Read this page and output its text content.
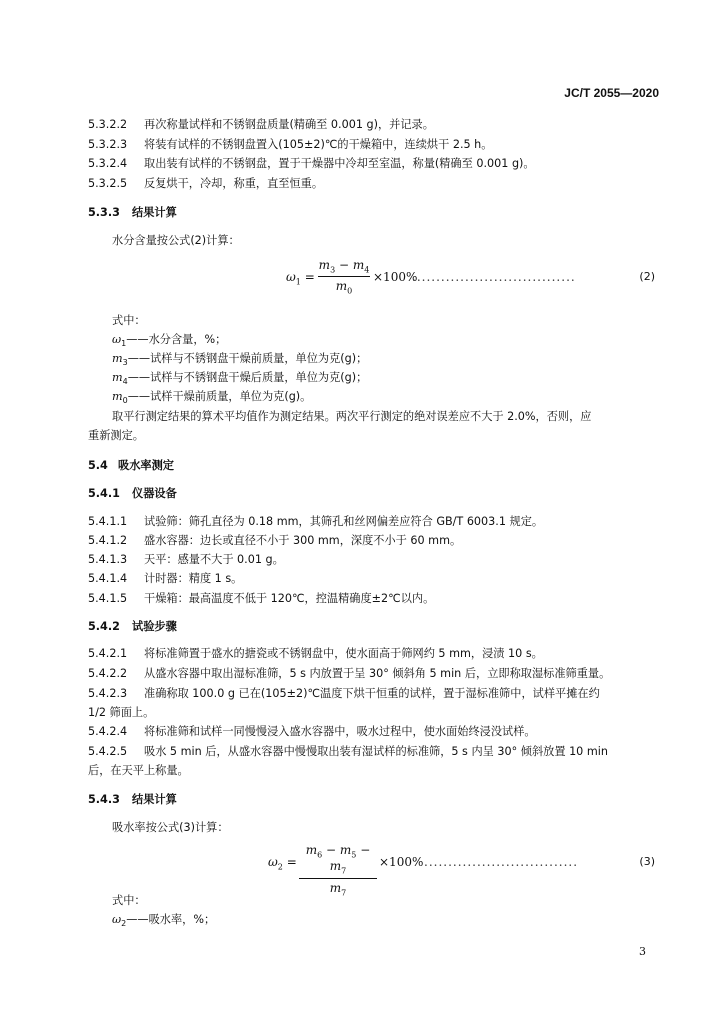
JC/T 2055—2020
5.3.2.2 再次称量试样和不锈钢盘质量(精确至 0.001 g)，并记录。
5.3.2.3 将装有试样的不锈钢盘置入(105±2)℃的干燥箱中，连续烘干 2.5 h。
5.3.2.4 取出装有试样的不锈钢盘，置于干燥器中冷却至室温，称量(精确至 0.001 g)。
5.3.2.5 反复烘干，冷却，称重，直至恒重。
5.3.3 结果计算
水分含量按公式(2)计算：
$\omega_1 = \frac{m_3 - m_4}{m_0} \times 100\%$
..................................	(2)
式中：
$\omega_1——$水分含量，%；
$m_3——$试样与不锈钢盘干燥前质量，单位为克(g)；
$m_4——$试样与不锈钢盘干燥后质量，单位为克(g)；
$m_0——$试样干燥前质量，单位为克(g)。
取平行测定结果的算术平均值作为测定结果。两次平行测定的绝对误差应不大于 2.0%，否则，应
重新测定。
5.4 吸水率测定
5.4.1 仪器设备
5.4.1.1 试验筛：筛孔直径为 0.18 mm，其筛孔和丝网偏差应符合 GB/T 6003.1 规定。
5.4.1.2 盛水容器：边长或直径不小于 300 mm，深度不小于 60 mm。
5.4.1.3 天平：感量不大于 0.01 g。
5.4.1.4 计时器：精度 1 s。
5.4.1.5 干燥箱：最高温度不低于 120℃，控温精确度±2℃以内。
5.4.2 试验步骤
5.4.2.1 将标准筛置于盛水的搪瓷或不锈钢盘中，使水面高于筛网约 5 mm，浸渍 10 s。
5.4.2.2 从盛水容器中取出湿标准筛，5 s 内放置于呈 30° 倾斜角 5 min 后，立即称取湿标准筛重量。
5.4.2.3 准确称取 100.0 g 已在(105±2)℃温度下烘干恒重的试样，置于湿标准筛中，试样平摊在约
1/2 筛面上。
5.4.2.4 将标准筛和试样一同慢慢浸入盛水容器中，吸水过程中，使水面始终浸没试样。
5.4.2.5 吸水 5 min 后，从盛水容器中慢慢取出装有湿试样的标准筛，5 s 内呈 30° 倾斜放置 10 min
后，在天平上称量。
5.4.3 结果计算
吸水率按公式(3)计算：
$\omega_2 = \frac{m_6 - m_5 - m_7}{m_7} \times 100\%$ ................................	(3)
式中：
$\omega_2——$吸水率，%；
3
